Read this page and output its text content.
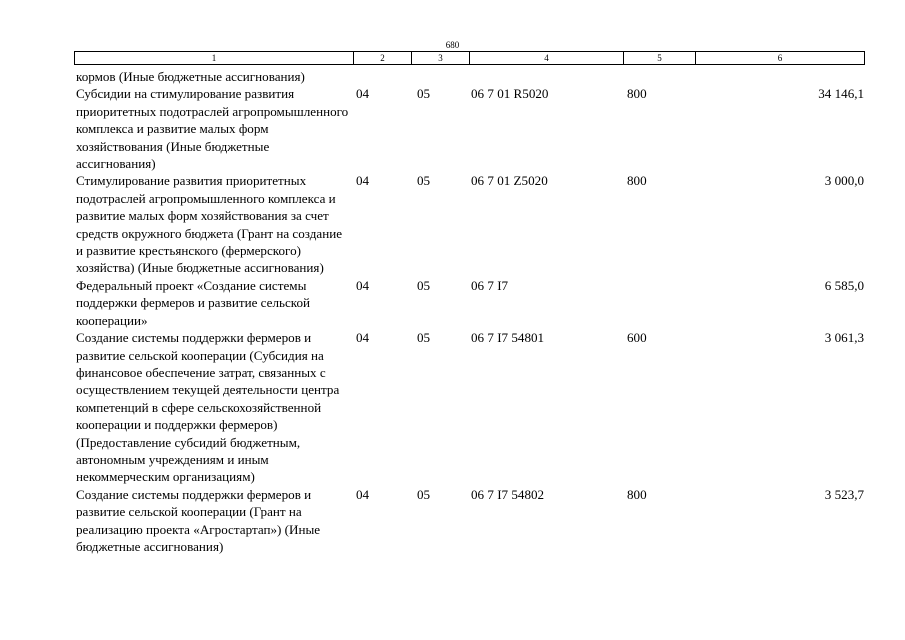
680
1	2	3	4	5	6
кормов (Иные бюджетные ассигнования)					
Субсидии на стимулирование развития приоритетных подотраслей агропромышленного комплекса и развитие малых форм хозяйствования (Иные бюджетные ассигнования)	04	05	06 7 01 R5020	800	34 146,1
Стимулирование развития приоритетных подотраслей агропромышленного комплекса и развитие малых форм хозяйствования за счет средств окружного бюджета (Грант на создание и развитие крестьянского (фермерского) хозяйства) (Иные бюджетные ассигнования)	04	05	06 7 01 Z5020	800	3 000,0
Федеральный проект «Создание системы поддержки фермеров и развитие сельской кооперации»	04	05	06 7 I7		6 585,0
Создание системы поддержки фермеров и развитие сельской кооперации (Субсидия на финансовое обеспечение затрат, связанных с осуществлением текущей деятельности центра компетенций в сфере сельскохозяйственной кооперации и поддержки фермеров) (Предоставление субсидий бюджетным, автономным учреждениям и иным некоммерческим организациям)	04	05	06 7 I7 54801	600	3 061,3
Создание системы поддержки фермеров и развитие сельской кооперации (Грант на реализацию проекта «Агростартап») (Иные бюджетные ассигнования)	04	05	06 7 I7 54802	800	3 523,7
